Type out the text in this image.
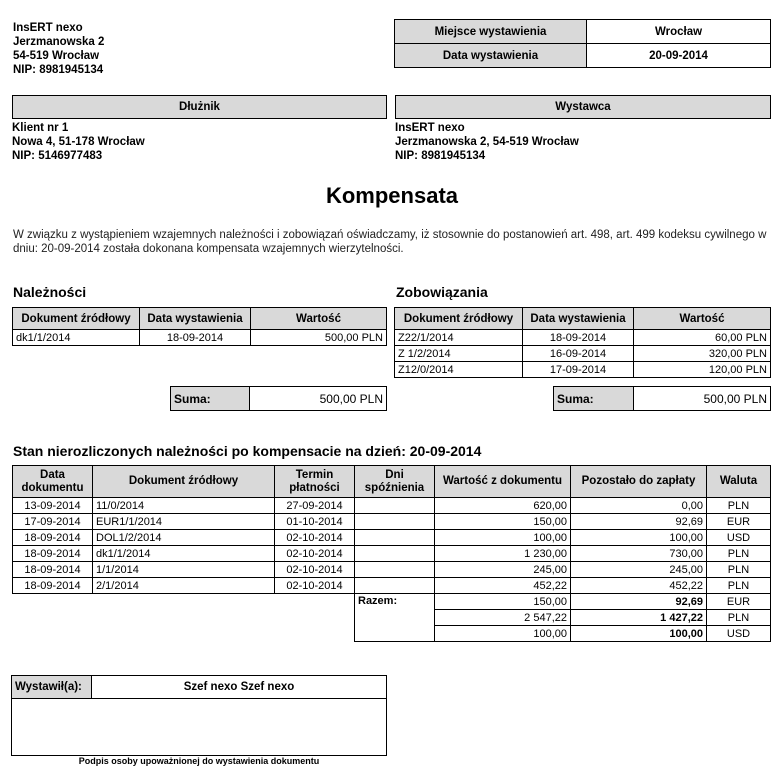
InsERT nexo
Jerzmanowska 2
54-519 Wrocław
NIP: 8981945134
Miejsce wystawienia	Wrocław
Data wystawienia	20-09-2014
Dłużnik
Klient nr 1
Nowa 4, 51-178 Wrocław
NIP: 5146977483
Wystawca
InsERT nexo
Jerzmanowska 2, 54-519 Wrocław
NIP: 8981945134
Kompensata
W związku z wystąpieniem wzajemnych należności i zobowiązań oświadczamy, iż stosownie do postanowień art. 498, art. 499 kodeksu cywilnego w dniu: 20-09-2014 została dokonana kompensata wzajemnych wierzytelności.
Należności
Dokument źródłowy	Data wystawienia	Wartość
dk1/1/2014	18-09-2014	500,00 PLN
Suma:	500,00 PLN
Zobowiązania
Dokument źródłowy	Data wystawienia	Wartość
Z22/1/2014	18-09-2014	60,00 PLN
Z 1/2/2014	16-09-2014	320,00 PLN
Z12/0/2014	17-09-2014	120,00 PLN
Suma:	500,00 PLN
Stan nierozliczonych należności po kompensacie na dzień: 20-09-2014
Data dokumentu	Dokument źródłowy	Termin płatności	Dni spóźnienia	Wartość z dokumentu	Pozostało do zapłaty	Waluta
13-09-2014	11/0/2014	27-09-2014		620,00	0,00	PLN
17-09-2014	EUR1/1/2014	01-10-2014		150,00	92,69	EUR
18-09-2014	DOL1/2/2014	02-10-2014		100,00	100,00	USD
18-09-2014	dk1/1/2014	02-10-2014		1 230,00	730,00	PLN
18-09-2014	1/1/2014	02-10-2014		245,00	245,00	PLN
18-09-2014	2/1/2014	02-10-2014		452,22	452,22	PLN
			Razem:	150,00	92,69	EUR
				2 547,22	1 427,22	PLN
				100,00	100,00	USD
Wystawił(a):	Szef nexo Szef nexo

Podpis osoby upoważnionej do wystawienia dokumentu
